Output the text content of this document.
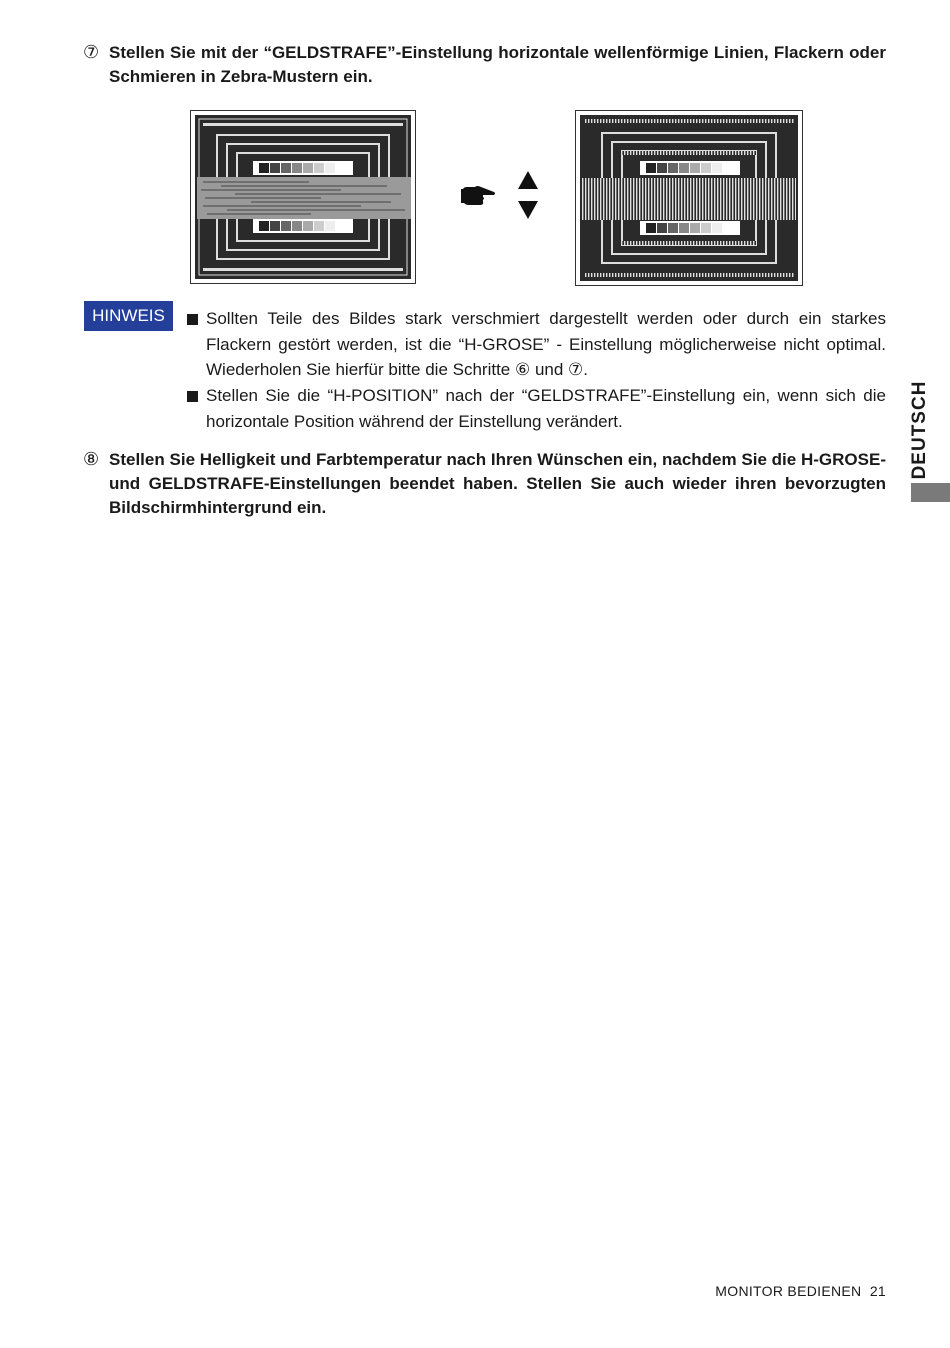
⑦ Stellen Sie mit der “GELDSTRAFE”-Einstellung horizontale wellenförmige Linien, Flackern oder Schmieren in Zebra-Mustern ein.
HINWEIS	Sollten Teile des Bildes stark verschmiert dargestellt werden oder durch ein starkes Flackern gestört werden, ist die “H-GROSE” - Einstellung möglicherweise nicht optimal. Wiederholen Sie hierfür bitte die Schritte ⑥ und ⑦.
Stellen Sie die “H-POSITION” nach der “GELDSTRAFE”-Einstellung ein, wenn sich die horizontale Position während der Einstellung verändert.
⑧ Stellen Sie Helligkeit und Farbtemperatur nach Ihren Wünschen ein, nachdem Sie die H-GROSE- und GELDSTRAFE-Einstellungen beendet haben. Stellen Sie auch wieder ihren bevorzugten Bildschirmhintergrund ein.
DEUTSCH
MONITOR BEDIENEN 21
